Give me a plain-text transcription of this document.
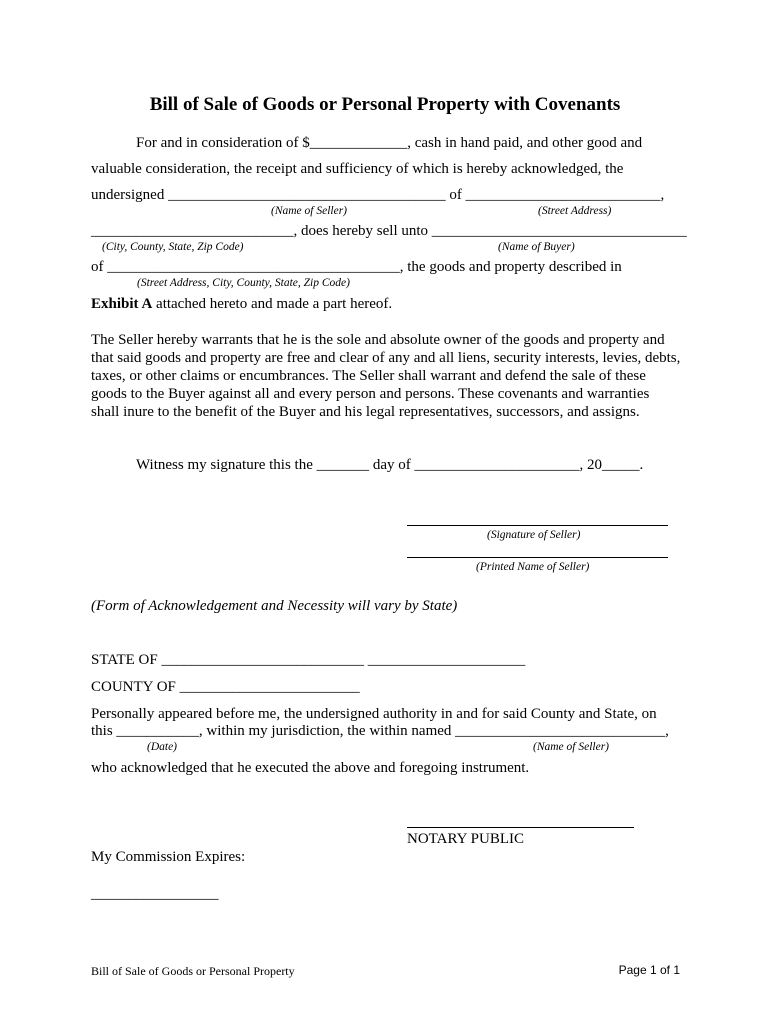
Bill of Sale of Goods or Personal Property with Covenants
For and in consideration of $_____________, cash in hand paid, and other good and
valuable consideration, the receipt and sufficiency of which is hereby acknowledged, the
undersigned _____________________________________ of __________________________,
(Name of Seller)	(Street Address)
___________________________, does hereby sell unto __________________________________
(City, County, State, Zip Code)	(Name of Buyer)
of _______________________________________, the goods and property described in
(Street Address, City, County, State, Zip Code)
Exhibit A attached hereto and made a part hereof.
The Seller hereby warrants that he is the sole and absolute owner of the goods and property and that said goods and property are free and clear of any and all liens, security interests, levies, debts, taxes, or other claims or encumbrances. The Seller shall warrant and defend the sale of these goods to the Buyer against all and every person and persons. These covenants and warranties shall inure to the benefit of the Buyer and his legal representatives, successors, and assigns.
Witness my signature this the _______ day of ______________________, 20_____.
(Signature of Seller)
(Printed Name of Seller)
(Form of Acknowledgement and Necessity will vary by State)
STATE OF ___________________________ _____________________
COUNTY OF ________________________
Personally appeared before me, the undersigned authority in and for said County and State, on
this ___________, within my jurisdiction, the within named ____________________________,
(Date)	(Name of Seller)
who acknowledged that he executed the above and foregoing instrument.
NOTARY PUBLIC
My Commission Expires:
_________________
Bill of Sale of Goods or Personal Property	Page 1 of 1
